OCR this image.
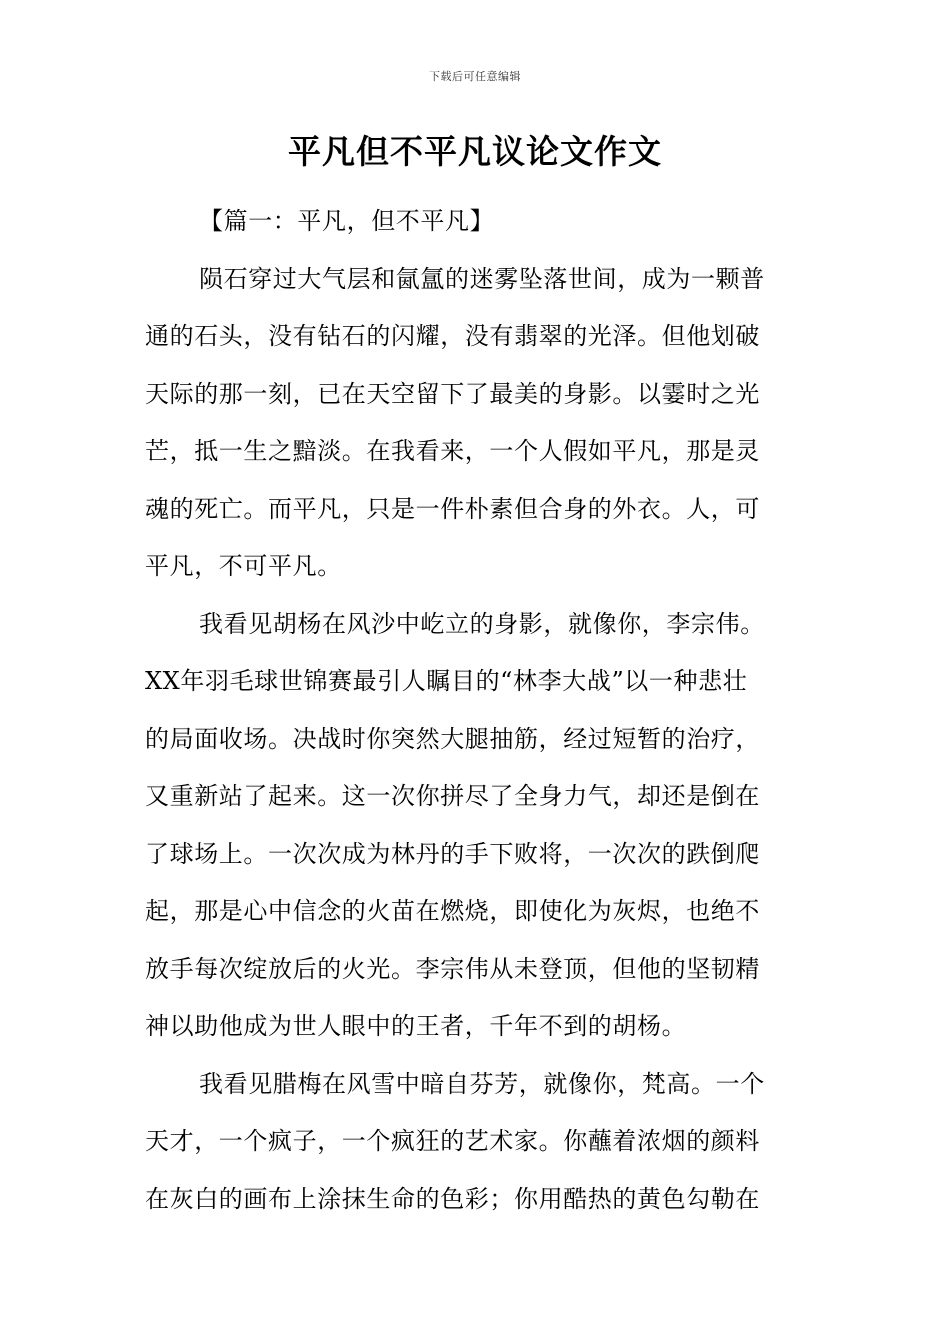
下载后可任意编辑
平凡但不平凡议论文作文
【篇一：平凡，但不平凡】
陨石穿过大气层和氤氲的迷雾坠落世间，成为一颗普
通的石头，没有钻石的闪耀，没有翡翠的光泽。但他划破
天际的那一刻，已在天空留下了最美的身影。以霎时之光
芒，抵一生之黯淡。在我看来，一个人假如平凡，那是灵
魂的死亡。而平凡，只是一件朴素但合身的外衣。人，可
平凡，不可平凡。
我看见胡杨在风沙中屹立的身影，就像你，李宗伟。
XX年羽毛球世锦赛最引人瞩目的“林李大战”以一种悲壮
的局面收场。决战时你突然大腿抽筋，经过短暂的治疗，
又重新站了起来。这一次你拼尽了全身力气，却还是倒在
了球场上。一次次成为林丹的手下败将，一次次的跌倒爬
起，那是心中信念的火苗在燃烧，即使化为灰烬，也绝不
放手每次绽放后的火光。李宗伟从未登顶，但他的坚韧精
神以助他成为世人眼中的王者，千年不到的胡杨。
我看见腊梅在风雪中暗自芬芳，就像你，梵高。一个
天才，一个疯子，一个疯狂的艺术家。你蘸着浓烟的颜料
在灰白的画布上涂抹生命的色彩；你用酷热的黄色勾勒在
